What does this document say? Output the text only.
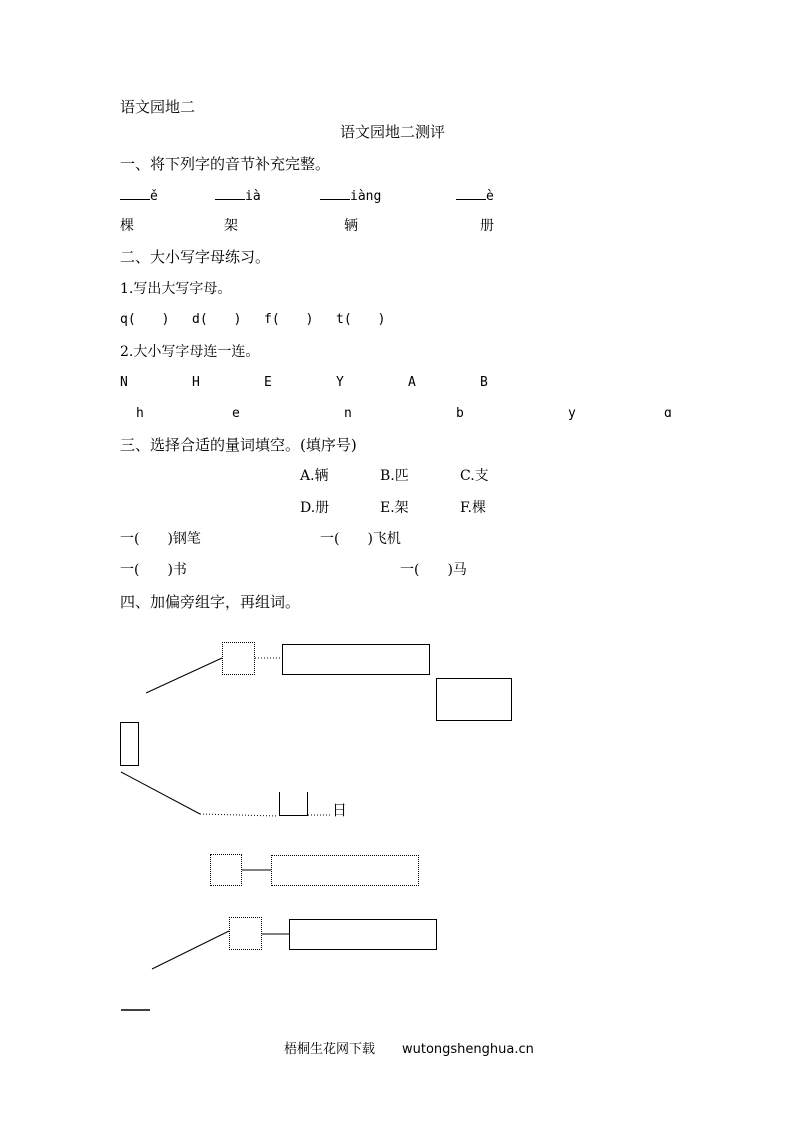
语文园地二
语文园地二测评
一、将下列字的音节补充完整。
ě	ià	iàng	è
棵	架	辆	册
二、大小写字母练习。
1.写出大写字母。
q(　　) d(　　) f(　　) t(　　)
2.大小写字母连一连。
N	H	E	Y	A	B
h	e	n	b	y	ɑ
三、选择合适的量词填空。(填序号)
A.辆	B.匹	C.支
D.册	E.架	F.棵
一(　　)钢笔	一(　　)飞机
一(　　)书	一(　　)马
四、加偏旁组字，再组词。
日
梧桐生花网下载 wutongshenghua.cn
